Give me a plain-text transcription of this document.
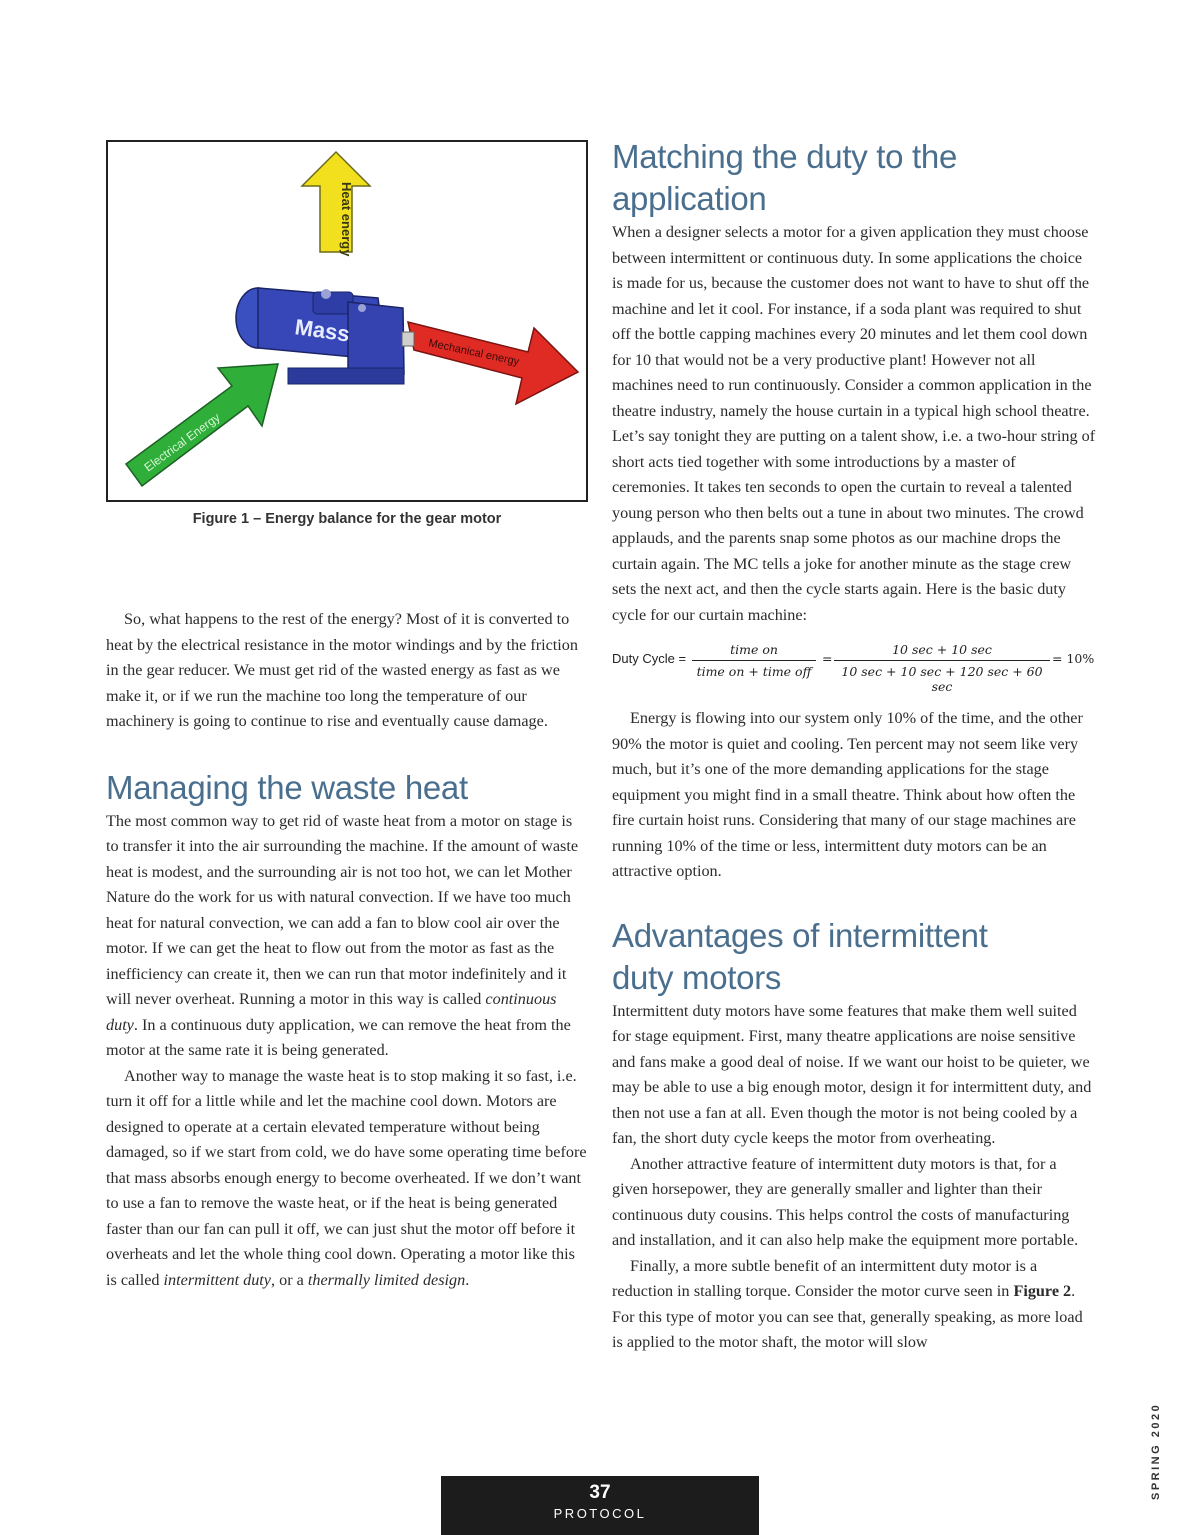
Heat energy
Electrical Energy
Mechanical energy
Mass
Figure 1 – Energy balance for the gear motor

So, what happens to the rest of the energy? Most of it is converted to heat by the electrical resistance in the motor windings and by the friction in the gear reducer. We must get rid of the wasted energy as fast as we make it, or if we run the machine too long the temperature of our machinery is going to continue to rise and eventually cause damage.

Managing the waste heat

The most common way to get rid of waste heat from a motor on stage is to transfer it into the air surrounding the machine. If the amount of waste heat is modest, and the surrounding air is not too hot, we can let Mother Nature do the work for us with natural convection. If we have too much heat for natural convection, we can add a fan to blow cool air over the motor. If we can get the heat to flow out from the motor as fast as the inefficiency can create it, then we can run that motor indefinitely and it will never overheat. Running a motor in this way is called continuous duty. In a continuous duty application, we can remove the heat from the motor at the same rate it is being generated.

Another way to manage the waste heat is to stop making it so fast, i.e. turn it off for a little while and let the machine cool down. Motors are designed to operate at a certain elevated temperature without being damaged, so if we start from cold, we do have some operating time before that mass absorbs enough energy to become overheated. If we don’t want to use a fan to remove the waste heat, or if the heat is being generated faster than our fan can pull it off, we can just shut the motor off before it overheats and let the whole thing cool down. Operating a motor like this is called intermittent duty, or a thermally limited design.

Matching the duty to the application

When a designer selects a motor for a given application they must choose between intermittent or continuous duty. In some applications the choice is made for us, because the customer does not want to have to shut off the machine and let it cool. For instance, if a soda plant was required to shut off the bottle capping machines every 20 minutes and let them cool down for 10 that would not be a very productive plant! However not all machines need to run continuously. Consider a common application in the theatre industry, namely the house curtain in a typical high school theatre. Let’s say tonight they are putting on a talent show, i.e. a two-hour string of short acts tied together with some introductions by a master of ceremonies. It takes ten seconds to open the curtain to reveal a talented young person who then belts out a tune in about two minutes. The crowd applauds, and the parents snap some photos as our machine drops the curtain again. The MC tells a joke for another minute as the stage crew sets the next act, and then the cycle starts again. Here is the basic duty cycle for our curtain machine:

Duty Cycle =
time on
time on + time off
=
10 sec + 10 sec
10 sec + 10 sec + 120 sec + 60 sec
= 10%

Energy is flowing into our system only 10% of the time, and the other 90% the motor is quiet and cooling. Ten percent may not seem like very much, but it’s one of the more demanding applications for the stage equipment you might find in a small theatre. Think about how often the fire curtain hoist runs. Considering that many of our stage machines are running 10% of the time or less, intermittent duty motors can be an attractive option.

Advantages of intermittent
duty motors

Intermittent duty motors have some features that make them well suited for stage equipment. First, many theatre applications are noise sensitive and fans make a good deal of noise. If we want our hoist to be quieter, we may be able to use a big enough motor, design it for intermittent duty, and then not use a fan at all. Even though the motor is not being cooled by a fan, the short duty cycle keeps the motor from overheating.

Another attractive feature of intermittent duty motors is that, for a given horsepower, they are generally smaller and lighter than their continuous duty cousins. This helps control the costs of manufacturing and installation, and it can also help make the equipment more portable.

Finally, a more subtle benefit of an intermittent duty motor is a reduction in stalling torque. Consider the motor curve seen in Figure 2. For this type of motor you can see that, generally speaking, as more load is applied to the motor shaft, the motor will slow

37
PROTOCOL
SPRING 2020
